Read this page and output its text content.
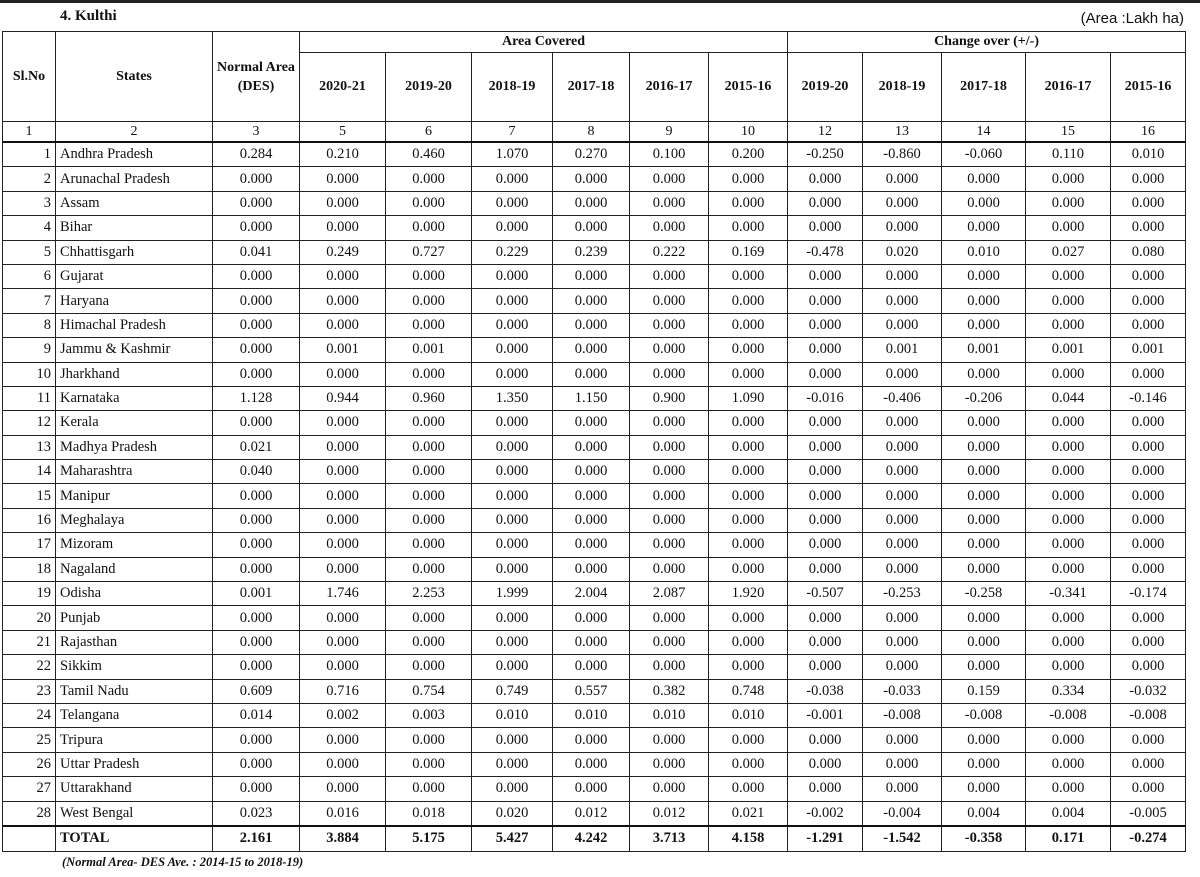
4. Kulthi	(Area :Lakh ha)
Sl.No	States	Normal Area (DES)	Area Covered						Change over (+/-)				
			2020-21	2019-20	2018-19	2017-18	2016-17	2015-16	2019-20	2018-19	2017-18	2016-17	2015-16
1	2	3	5	6	7	8	9	10	12	13	14	15	16
1	Andhra Pradesh	0.284	0.210	0.460	1.070	0.270	0.100	0.200	-0.250	-0.860	-0.060	0.110	0.010
2	Arunachal Pradesh	0.000	0.000	0.000	0.000	0.000	0.000	0.000	0.000	0.000	0.000	0.000	0.000
3	Assam	0.000	0.000	0.000	0.000	0.000	0.000	0.000	0.000	0.000	0.000	0.000	0.000
4	Bihar	0.000	0.000	0.000	0.000	0.000	0.000	0.000	0.000	0.000	0.000	0.000	0.000
5	Chhattisgarh	0.041	0.249	0.727	0.229	0.239	0.222	0.169	-0.478	0.020	0.010	0.027	0.080
6	Gujarat	0.000	0.000	0.000	0.000	0.000	0.000	0.000	0.000	0.000	0.000	0.000	0.000
7	Haryana	0.000	0.000	0.000	0.000	0.000	0.000	0.000	0.000	0.000	0.000	0.000	0.000
8	Himachal Pradesh	0.000	0.000	0.000	0.000	0.000	0.000	0.000	0.000	0.000	0.000	0.000	0.000
9	Jammu & Kashmir	0.000	0.001	0.001	0.000	0.000	0.000	0.000	0.000	0.001	0.001	0.001	0.001
10	Jharkhand	0.000	0.000	0.000	0.000	0.000	0.000	0.000	0.000	0.000	0.000	0.000	0.000
11	Karnataka	1.128	0.944	0.960	1.350	1.150	0.900	1.090	-0.016	-0.406	-0.206	0.044	-0.146
12	Kerala	0.000	0.000	0.000	0.000	0.000	0.000	0.000	0.000	0.000	0.000	0.000	0.000
13	Madhya Pradesh	0.021	0.000	0.000	0.000	0.000	0.000	0.000	0.000	0.000	0.000	0.000	0.000
14	Maharashtra	0.040	0.000	0.000	0.000	0.000	0.000	0.000	0.000	0.000	0.000	0.000	0.000
15	Manipur	0.000	0.000	0.000	0.000	0.000	0.000	0.000	0.000	0.000	0.000	0.000	0.000
16	Meghalaya	0.000	0.000	0.000	0.000	0.000	0.000	0.000	0.000	0.000	0.000	0.000	0.000
17	Mizoram	0.000	0.000	0.000	0.000	0.000	0.000	0.000	0.000	0.000	0.000	0.000	0.000
18	Nagaland	0.000	0.000	0.000	0.000	0.000	0.000	0.000	0.000	0.000	0.000	0.000	0.000
19	Odisha	0.001	1.746	2.253	1.999	2.004	2.087	1.920	-0.507	-0.253	-0.258	-0.341	-0.174
20	Punjab	0.000	0.000	0.000	0.000	0.000	0.000	0.000	0.000	0.000	0.000	0.000	0.000
21	Rajasthan	0.000	0.000	0.000	0.000	0.000	0.000	0.000	0.000	0.000	0.000	0.000	0.000
22	Sikkim	0.000	0.000	0.000	0.000	0.000	0.000	0.000	0.000	0.000	0.000	0.000	0.000
23	Tamil Nadu	0.609	0.716	0.754	0.749	0.557	0.382	0.748	-0.038	-0.033	0.159	0.334	-0.032
24	Telangana	0.014	0.002	0.003	0.010	0.010	0.010	0.010	-0.001	-0.008	-0.008	-0.008	-0.008
25	Tripura	0.000	0.000	0.000	0.000	0.000	0.000	0.000	0.000	0.000	0.000	0.000	0.000
26	Uttar Pradesh	0.000	0.000	0.000	0.000	0.000	0.000	0.000	0.000	0.000	0.000	0.000	0.000
27	Uttarakhand	0.000	0.000	0.000	0.000	0.000	0.000	0.000	0.000	0.000	0.000	0.000	0.000
28	West Bengal	0.023	0.016	0.018	0.020	0.012	0.012	0.021	-0.002	-0.004	0.004	0.004	-0.005
	TOTAL	2.161	3.884	5.175	5.427	4.242	3.713	4.158	-1.291	-1.542	-0.358	0.171	-0.274
(Normal Area- DES Ave. : 2014-15 to 2018-19)
